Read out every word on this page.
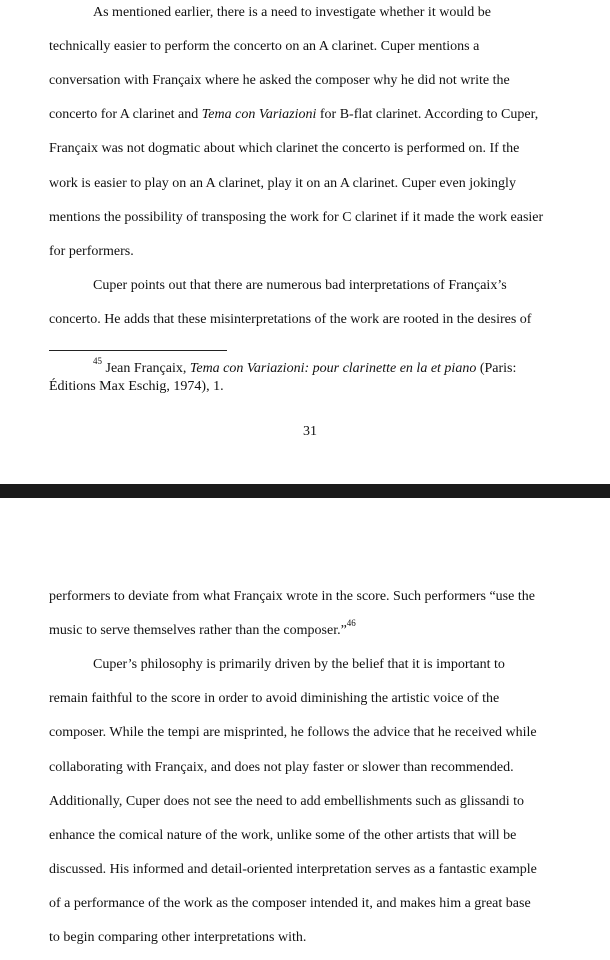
As mentioned earlier, there is a need to investigate whether it would be
technically easier to perform the concerto on an A clarinet. Cuper mentions a
conversation with Françaix where he asked the composer why he did not write the
concerto for A clarinet and Tema con Variazioni for B-flat clarinet. According to Cuper,
Françaix was not dogmatic about which clarinet the concerto is performed on. If the
work is easier to play on an A clarinet, play it on an A clarinet. Cuper even jokingly
mentions the possibility of transposing the work for C clarinet if it made the work easier
for performers.
Cuper points out that there are numerous bad interpretations of Françaix’s
concerto. He adds that these misinterpretations of the work are rooted in the desires of
$^{45}$ Jean Françaix, Tema con Variazioni: pour clarinette en la et piano (Paris:
Éditions Max Eschig, 1974), 1.
31
performers to deviate from what Françaix wrote in the score. Such performers “use the
music to serve themselves rather than the composer.”$^{46}$
Cuper’s philosophy is primarily driven by the belief that it is important to
remain faithful to the score in order to avoid diminishing the artistic voice of the
composer. While the tempi are misprinted, he follows the advice that he received while
collaborating with Françaix, and does not play faster or slower than recommended.
Additionally, Cuper does not see the need to add embellishments such as glissandi to
enhance the comical nature of the work, unlike some of the other artists that will be
discussed. His informed and detail-oriented interpretation serves as a fantastic example
of a performance of the work as the composer intended it, and makes him a great base
to begin comparing other interpretations with.
